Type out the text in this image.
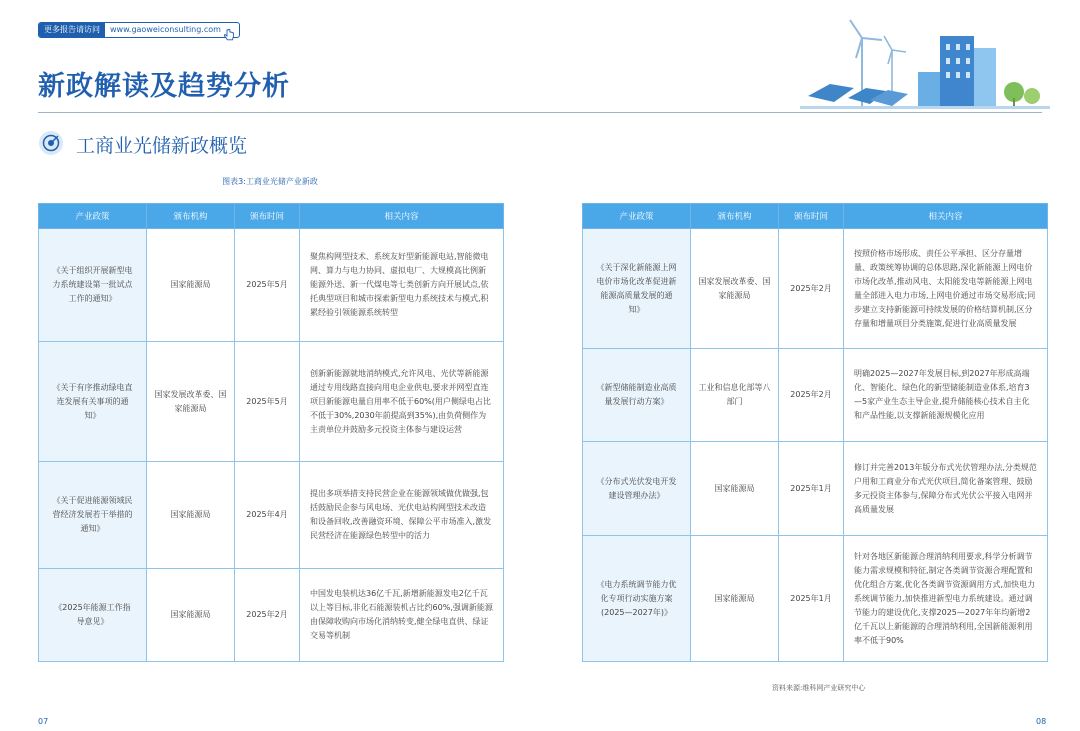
更多报告请访问	www.gaoweiconsulting.com
新政解读及趋势分析
工商业光储新政概览
图表3:工商业光储产业新政
产业政策	颁布机构	颁布时间	相关内容
《关于组织开展新型电力系统建设第一批试点工作的通知》	国家能源局	2025年5月	聚焦构网型技术、系统友好型新能源电站,智能微电网、算力与电力协同、虚拟电厂、大规模高比例新能源外送、新一代煤电等七类创新方向开展试点,依托典型项目和城市探索新型电力系统技术与模式,积累经验引领能源系统转型
《关于有序推动绿电直连发展有关事项的通知》	国家发展改革委、国家能源局	2025年5月	创新新能源就地消纳模式,允许风电、光伏等新能源通过专用线路直接向用电企业供电,要求并网型直连项目新能源电量自用率不低于60%(用户侧绿电占比不低于30%,2030年前提高到35%),由负荷侧作为主责单位并鼓励多元投资主体参与建设运营
《关于促进能源领域民营经济发展若干举措的通知》	国家能源局	2025年4月	提出多项举措支持民营企业在能源领域做优做强,包括鼓励民企参与风电场、光伏电站构网型技术改造和设备回收,改善融资环境、保障公平市场准入,激发民营经济在能源绿色转型中的活力
《2025年能源工作指导意见》	国家能源局	2025年2月	中国发电装机达36亿千瓦,新增新能源发电2亿千瓦以上等目标,非化石能源装机占比约60%,强调新能源由保障收购向市场化消纳转变,健全绿电直供、绿证交易等机制
产业政策	颁布机构	颁布时间	相关内容
《关于深化新能源上网电价市场化改革促进新能源高质量发展的通知》	国家发展改革委、国家能源局	2025年2月	按照价格市场形成、责任公平承担、区分存量增量、政策统筹协调的总体思路,深化新能源上网电价市场化改革,推动风电、太阳能发电等新能源上网电量全部进入电力市场,上网电价通过市场交易形成;同步建立支持新能源可持续发展的价格结算机制,区分存量和增量项目分类施策,促进行业高质量发展
《新型储能制造业高质量发展行动方案》	工业和信息化部等八部门	2025年2月	明确2025—2027年发展目标,到2027年形成高端化、智能化、绿色化的新型储能制造业体系,培育3—5家产业生态主导企业,提升储能核心技术自主化和产品性能,以支撑新能源规模化应用
《分布式光伏发电开发建设管理办法》	国家能源局	2025年1月	修订并完善2013年版分布式光伏管理办法,分类规范户用和工商业分布式光伏项目,简化备案管理、鼓励多元投资主体参与,保障分布式光伏公平接入电网并高质量发展
《电力系统调节能力优化专项行动实施方案(2025—2027年)》	国家能源局	2025年1月	针对各地区新能源合理消纳利用要求,科学分析调节能力需求规模和特征,制定各类调节资源合理配置和优化组合方案,优化各类调节资源调用方式,加快电力系统调节能力,加快推进新型电力系统建设。通过调节能力的建设优化,支撑2025—2027年年均新增2亿千瓦以上新能源的合理消纳利用,全国新能源利用率不低于90%
资料来源:维科网产业研究中心
07	08
